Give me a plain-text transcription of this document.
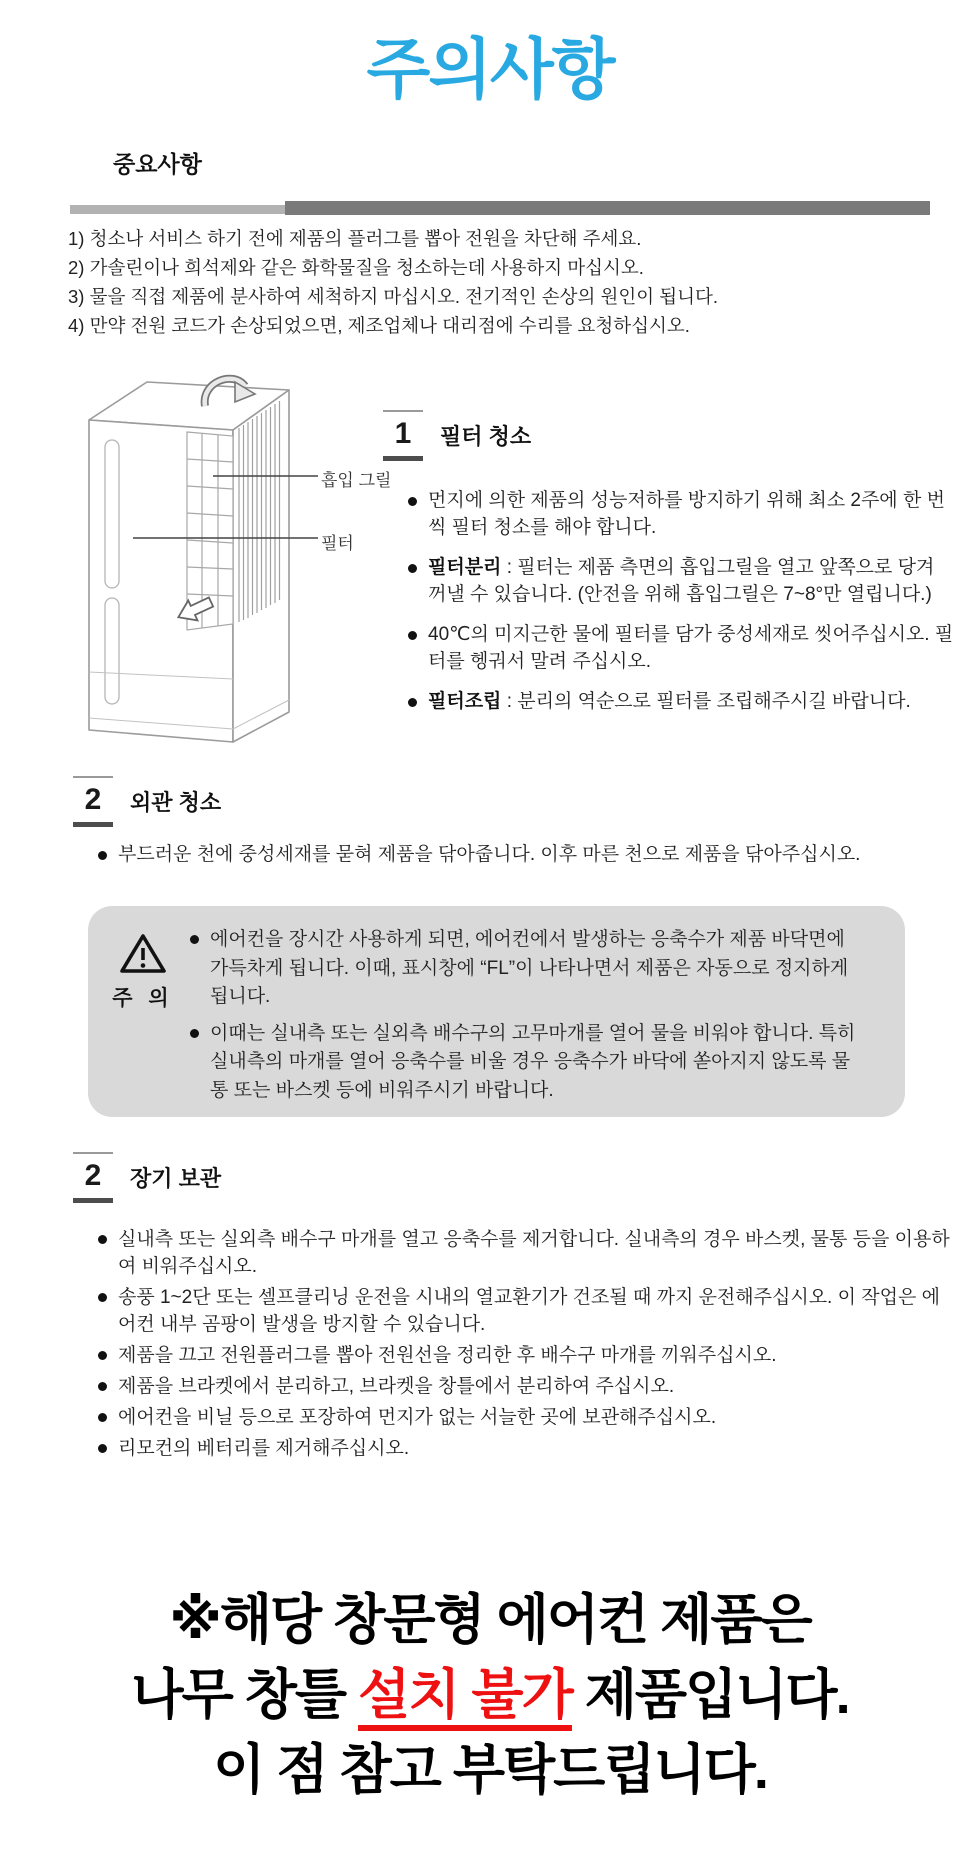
주의사항
중요사항
1) 청소나 서비스 하기 전에 제품의 플러그를 뽑아 전원을 차단해 주세요.
2) 가솔린이나 희석제와 같은 화학물질을 청소하는데 사용하지 마십시오.
3) 물을 직접 제품에 분사하여 세척하지 마십시오. 전기적인 손상의 원인이 됩니다.
4) 만약 전원 코드가 손상되었으면, 제조업체나 대리점에 수리를 요청하십시오.
흡입 그릴
필터
1	필터 청소

먼지에 의한 제품의 성능저하를 방지하기 위해 최소 2주에 한 번씩 필터 청소를 해야 합니다.

필터분리 : 필터는 제품 측면의 흡입그릴을 열고 앞쪽으로 당겨 꺼낼 수 있습니다. (안전을 위해 흡입그릴은 7~8°만 열립니다.)

40℃의 미지근한 물에 필터를 담가 중성세재로 씻어주십시오. 필터를 헹궈서 말려 주십시오.

필터조립 : 분리의 역순으로 필터를 조립해주시길 바랍니다.

2	외관 청소

부드러운 천에 중성세재를 묻혀 제품을 닦아줍니다. 이후 마른 천으로 제품을 닦아주십시오.

주 의

에어컨을 장시간 사용하게 되면, 에어컨에서 발생하는 응축수가 제품 바닥면에 가득차게 됩니다. 이때, 표시창에 “FL”이 나타나면서 제품은 자동으로 정지하게 됩니다.

이때는 실내측 또는 실외측 배수구의 고무마개를 열어 물을 비워야 합니다. 특히 실내측의 마개를 열어 응축수를 비울 경우 응축수가 바닥에 쏟아지지 않도록 물통 또는 바스켓 등에 비워주시기 바랍니다.

2	장기 보관

실내측 또는 실외측 배수구 마개를 열고 응축수를 제거합니다. 실내측의 경우 바스켓, 물통 등을 이용하여 비워주십시오.

송풍 1~2단 또는 셀프클리닝 운전을 시내의 열교환기가 건조될 때 까지 운전해주십시오. 이 작업은 에어컨 내부 곰팡이 발생을 방지할 수 있습니다.

제품을 끄고 전원플러그를 뽑아 전원선을 정리한 후 배수구 마개를 끼워주십시오.

제품을 브라켓에서 분리하고, 브라켓을 창틀에서 분리하여 주십시오.

에어컨을 비닐 등으로 포장하여 먼지가 없는 서늘한 곳에 보관해주십시오.

리모컨의 베터리를 제거해주십시오.

※해당 창문형 에어컨 제품은
나무 창틀 설치 불가 제품입니다.
이 점 참고 부탁드립니다.
